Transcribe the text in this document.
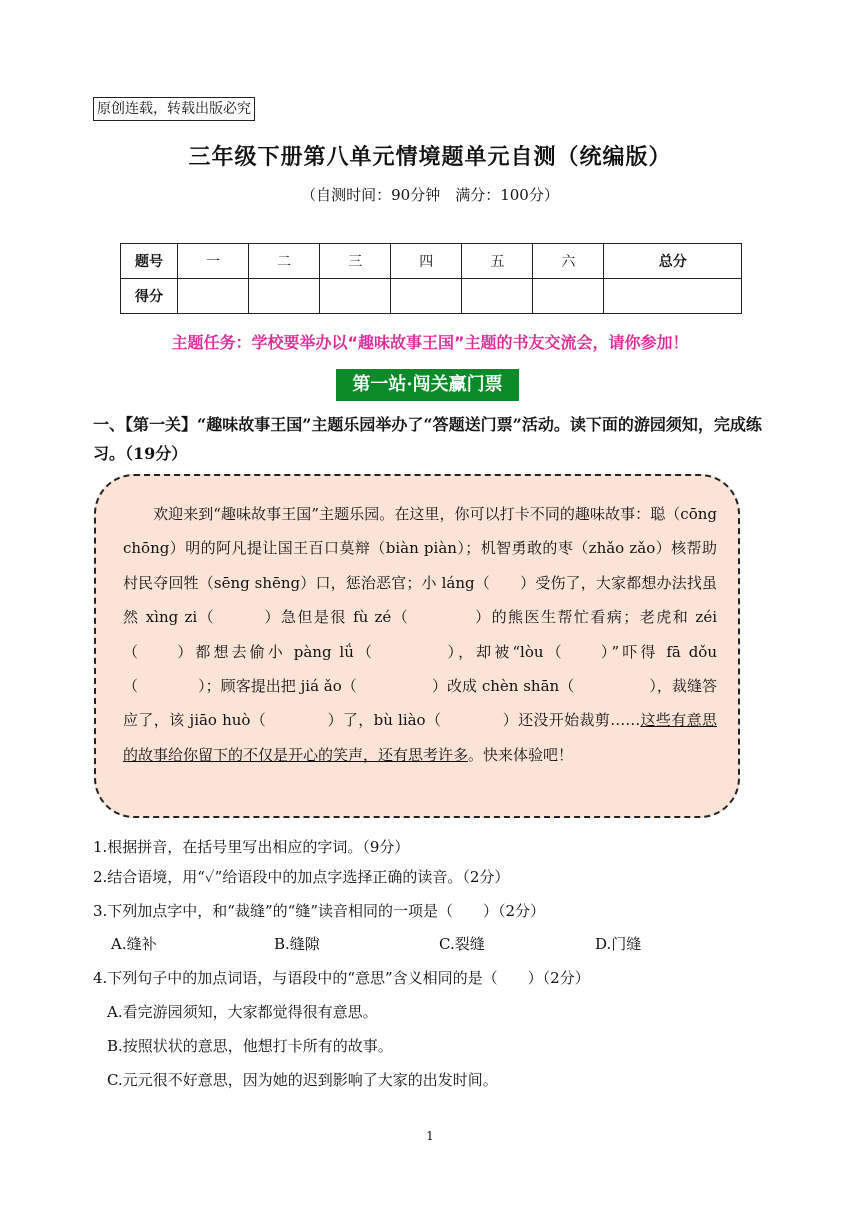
原创连载，转载出版必究
三年级下册第八单元情境题单元自测（统编版）
（自测时间：90分钟　满分：100分）
题号	一	二	三	四	五	六	总分
得分							
主题任务：学校要举办以“趣味故事王国”主题的书友交流会，请你参加！
第一站·闯关赢门票
一、【第一关】“趣味故事王国”主题乐园举办了“答题送门票”活动。读下面的游园须知，完成练习。（19分）
　　欢迎来到“趣味故事王国”主题乐园。在这里，你可以打卡不同的趣味故事：聪（cōng chōng）明的阿凡提让国王百口莫辩（biàn piàn）；机智勇敢的枣（zhǎo zǎo）核帮助村民夺回牲（sēng shēng）口，惩治恶官；小 láng（　　）受伤了，大家都想办法找虽然 xìng zi（　　　）急但是很 fù zé（　　　　）的熊医生帮忙看病；老虎和 zéi（　　）都想去偷小 pàng lǘ（　　　　），却被“lòu（　　）”吓得 fā dǒu（　　　　）；顾客提出把 jiá ǎo（　　　　　）改成 chèn shān（　　　　　），裁缝答应了，该 jiāo huò（　　　　）了，bù liào（　　　　）还没开始裁剪……这些有意思的故事给你留下的不仅是开心的笑声，还有思考许多。快来体验吧！
1.根据拼音，在括号里写出相应的字词。（9分）
2.结合语境，用“✓”给语段中的加点字选择正确的读音。（2分）
3.下列加点字中，和“裁缝”的“缝”读音相同的一项是（　　）（2分）
A.缝补	B.缝隙	C.裂缝	D.门缝
4.下列句子中的加点词语，与语段中的“意思”含义相同的是（　　）（2分）
A.看完游园须知，大家都觉得很有意思。
B.按照状状的意思，他想打卡所有的故事。
C.元元很不好意思，因为她的迟到影响了大家的出发时间。
1
